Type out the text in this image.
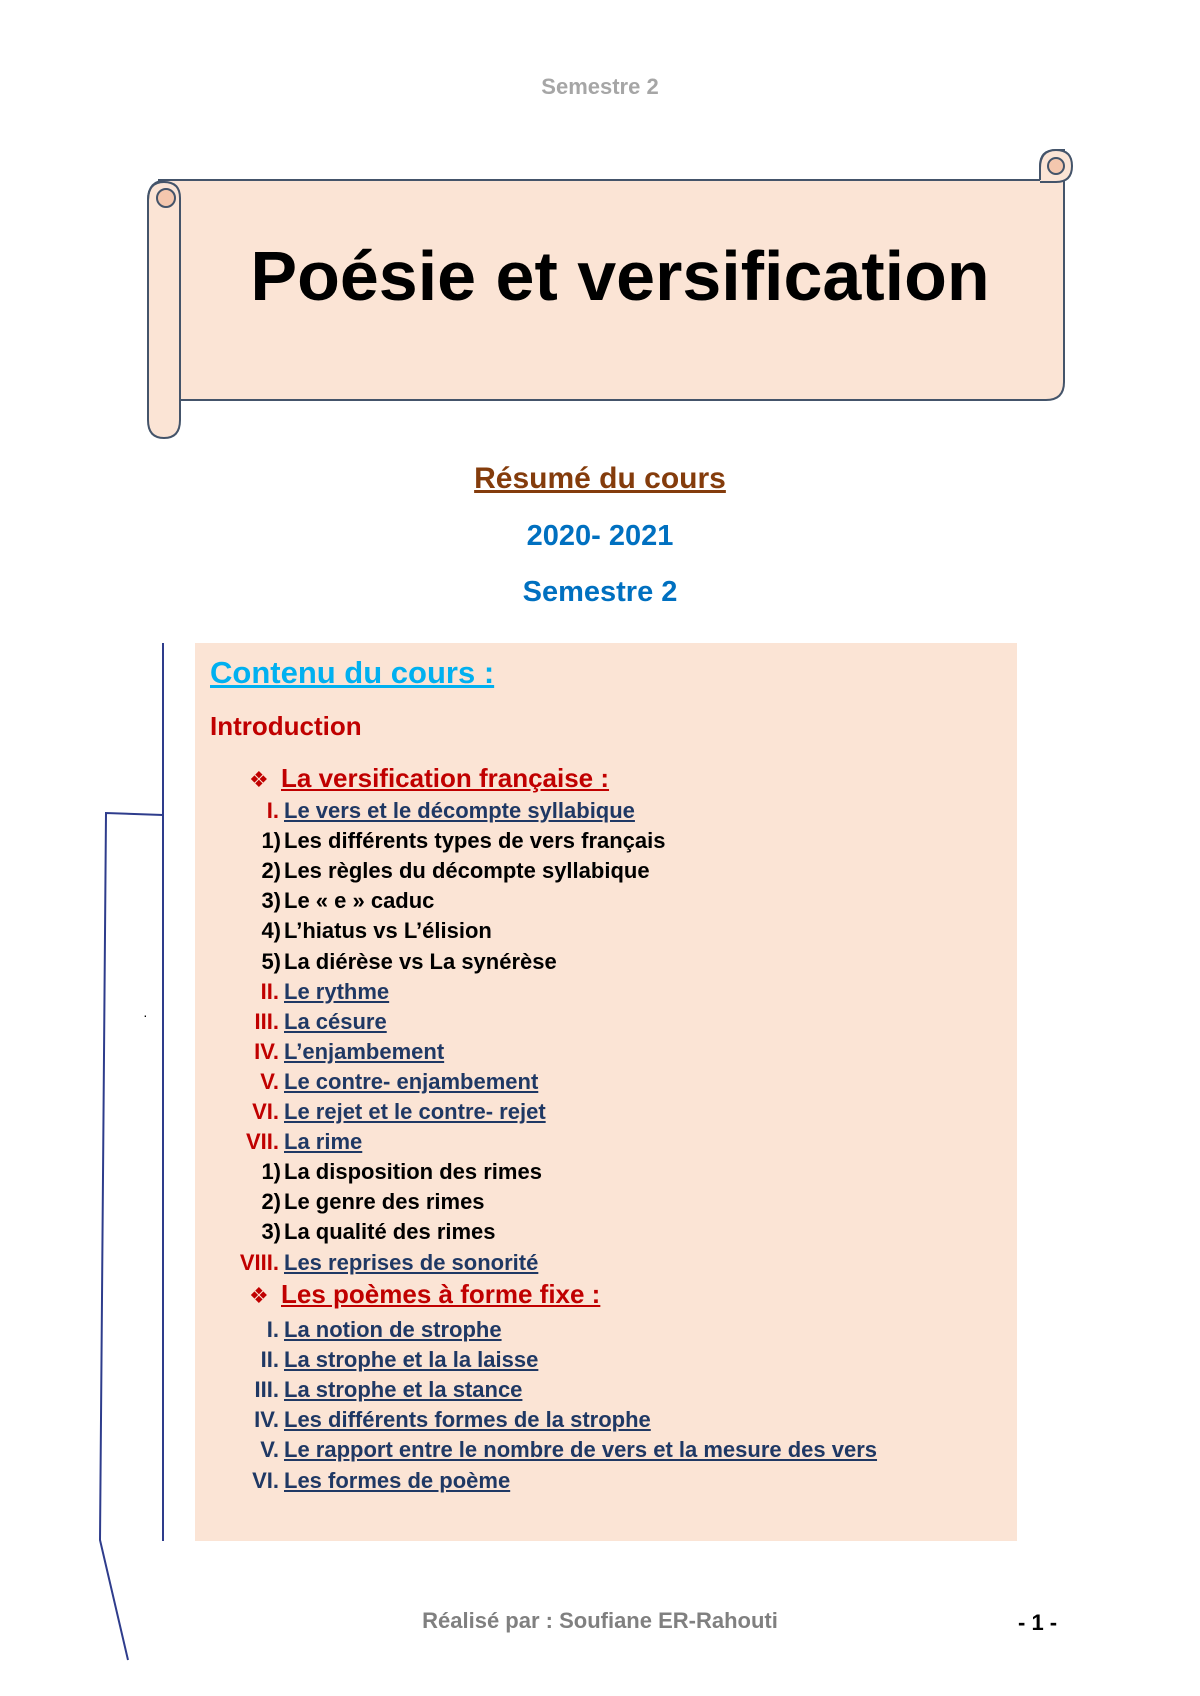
Semestre 2
Poésie et versification
Résumé du cours
2020- 2021
Semestre 2
·
Contenu du cours :
Introduction
❖ La versification française :
I. Le vers et le décompte syllabique
1) Les différents types de vers français
2) Les règles du décompte syllabique
3) Le « e » caduc
4) L’hiatus vs L’élision
5) La diérèse vs La synérèse
II. Le rythme
III. La césure
IV. L’enjambement
V. Le contre- enjambement
VI. Le rejet et le contre- rejet
VII. La rime
1) La disposition des rimes
2) Le genre des rimes
3) La qualité des rimes
VIII. Les reprises de sonorité
❖ Les poèmes à forme fixe :
I. La notion de strophe
II. La strophe et la la laisse
III. La strophe et la stance
IV. Les différents formes de la strophe
V. Le rapport entre le nombre de vers et la mesure des vers
VI. Les formes de poème
Réalisé par : Soufiane ER-Rahouti	- 1 -
